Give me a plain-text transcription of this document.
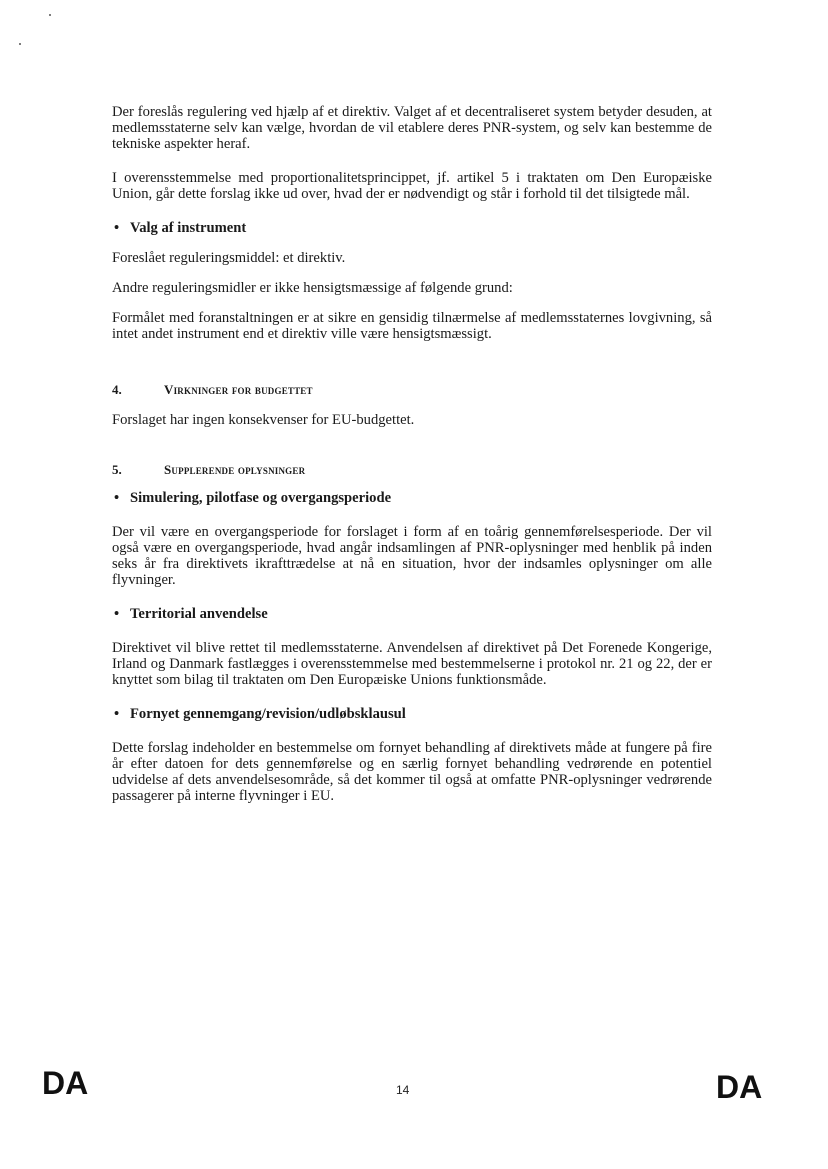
Der foreslås regulering ved hjælp af et direktiv. Valget af et decentraliseret system betyder desuden, at medlemsstaterne selv kan vælge, hvordan de vil etablere deres PNR-system, og selv kan bestemme de tekniske aspekter heraf.

I overensstemmelse med proportionalitetsprincippet, jf. artikel 5 i traktaten om Den Europæiske Union, går dette forslag ikke ud over, hvad der er nødvendigt og står i forhold til det tilsigtede mål.

• Valg af instrument

Foreslået reguleringsmiddel: et direktiv.

Andre reguleringsmidler er ikke hensigtsmæssige af følgende grund:

Formålet med foranstaltningen er at sikre en gensidig tilnærmelse af medlemsstaternes lovgivning, så intet andet instrument end et direktiv ville være hensigtsmæssigt.

4.	Virkninger for budgettet

Forslaget har ingen konsekvenser for EU-budgettet.

5.	Supplerende oplysninger
• Simulering, pilotfase og overgangsperiode

Der vil være en overgangsperiode for forslaget i form af en toårig gennemførelsesperiode. Der vil også være en overgangsperiode, hvad angår indsamlingen af PNR-oplysninger med henblik på inden seks år fra direktivets ikrafttrædelse at nå en situation, hvor der indsamles oplysninger om alle flyvninger.

• Territorial anvendelse

Direktivet vil blive rettet til medlemsstaterne. Anvendelsen af direktivet på Det Forenede Kongerige, Irland og Danmark fastlægges i overensstemmelse med bestemmelserne i protokol nr. 21 og 22, der er knyttet som bilag til traktaten om Den Europæiske Unions funktionsmåde.

• Fornyet gennemgang/revision/udløbsklausul

Dette forslag indeholder en bestemmelse om fornyet behandling af direktivets måde at fungere på fire år efter datoen for dets gennemførelse og en særlig fornyet behandling vedrørende en potentiel udvidelse af dets anvendelsesområde, så det kommer til også at omfatte PNR-oplysninger vedrørende passagerer på interne flyvninger i EU.

DA	14	DA
